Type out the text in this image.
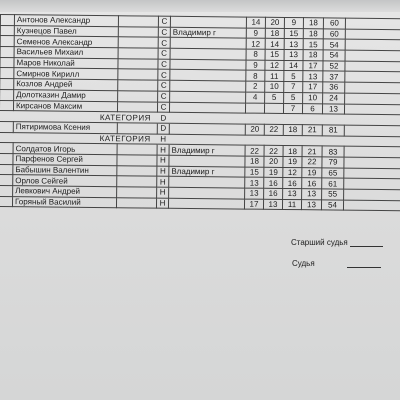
	Антонов Александр		C		14	20	9	18	60	
	Кузнецов Павел		C	Владимир г	9	18	15	18	60	
	Семенов Александр		C		12	14	13	15	54	
	Васильев Михаил		C		8	15	13	18	54	
	Маров Николай		C		9	12	14	17	52	
	Смирнов Кирилл		C		8	11	5	13	37	
	Козлов Андрей		C		2	10	7	17	36	
	Долотказин Дамир		C		4	5	5	10	24	
	Кирсанов Максим		C				7	6	13	
КАТЕГОРИЯ			D							
	Пятиримова Ксения		D		20	22	18	21	81	
КАТЕГОРИЯ			H							
	Солдатов Игорь		H	Владимир г	22	22	18	21	83	
	Парфенов Сергей		H		18	20	19	22	79	
	Бабышин Валентин		H	Владимир г	15	19	12	19	65	
	Орлов Сейгей		H		13	16	16	16	61	
	Левкович Андрей		H		13	16	13	13	55	
	Горяный Василий		H		17	13	11	13	54	
Старший судья
Судья
